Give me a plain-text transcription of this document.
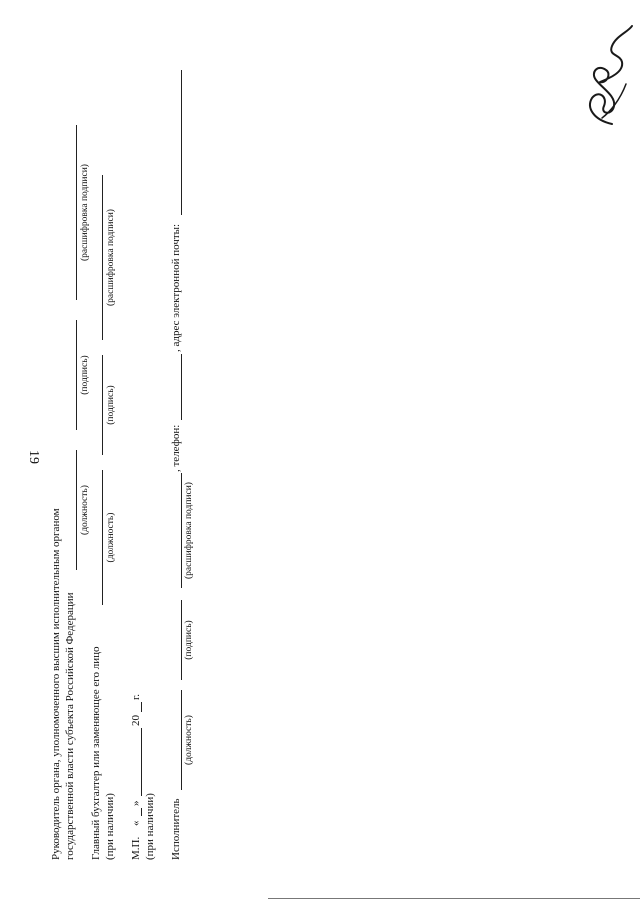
19
Руководитель органа, уполномоченного высшим исполнительным органом государственной власти субъекта Российской Федерации
(должность)
(подпись)
(расшифровка подписи)
Главный бухгалтер или заменяющее его лицо (при наличии)
(должность)
(подпись)
(расшифровка подписи)
М.П.
«
»
20
г.
(при наличии) Исполнитель
(должность)
(подпись)
(расшифровка подписи)
, телефон:
, адрес электронной почты:
